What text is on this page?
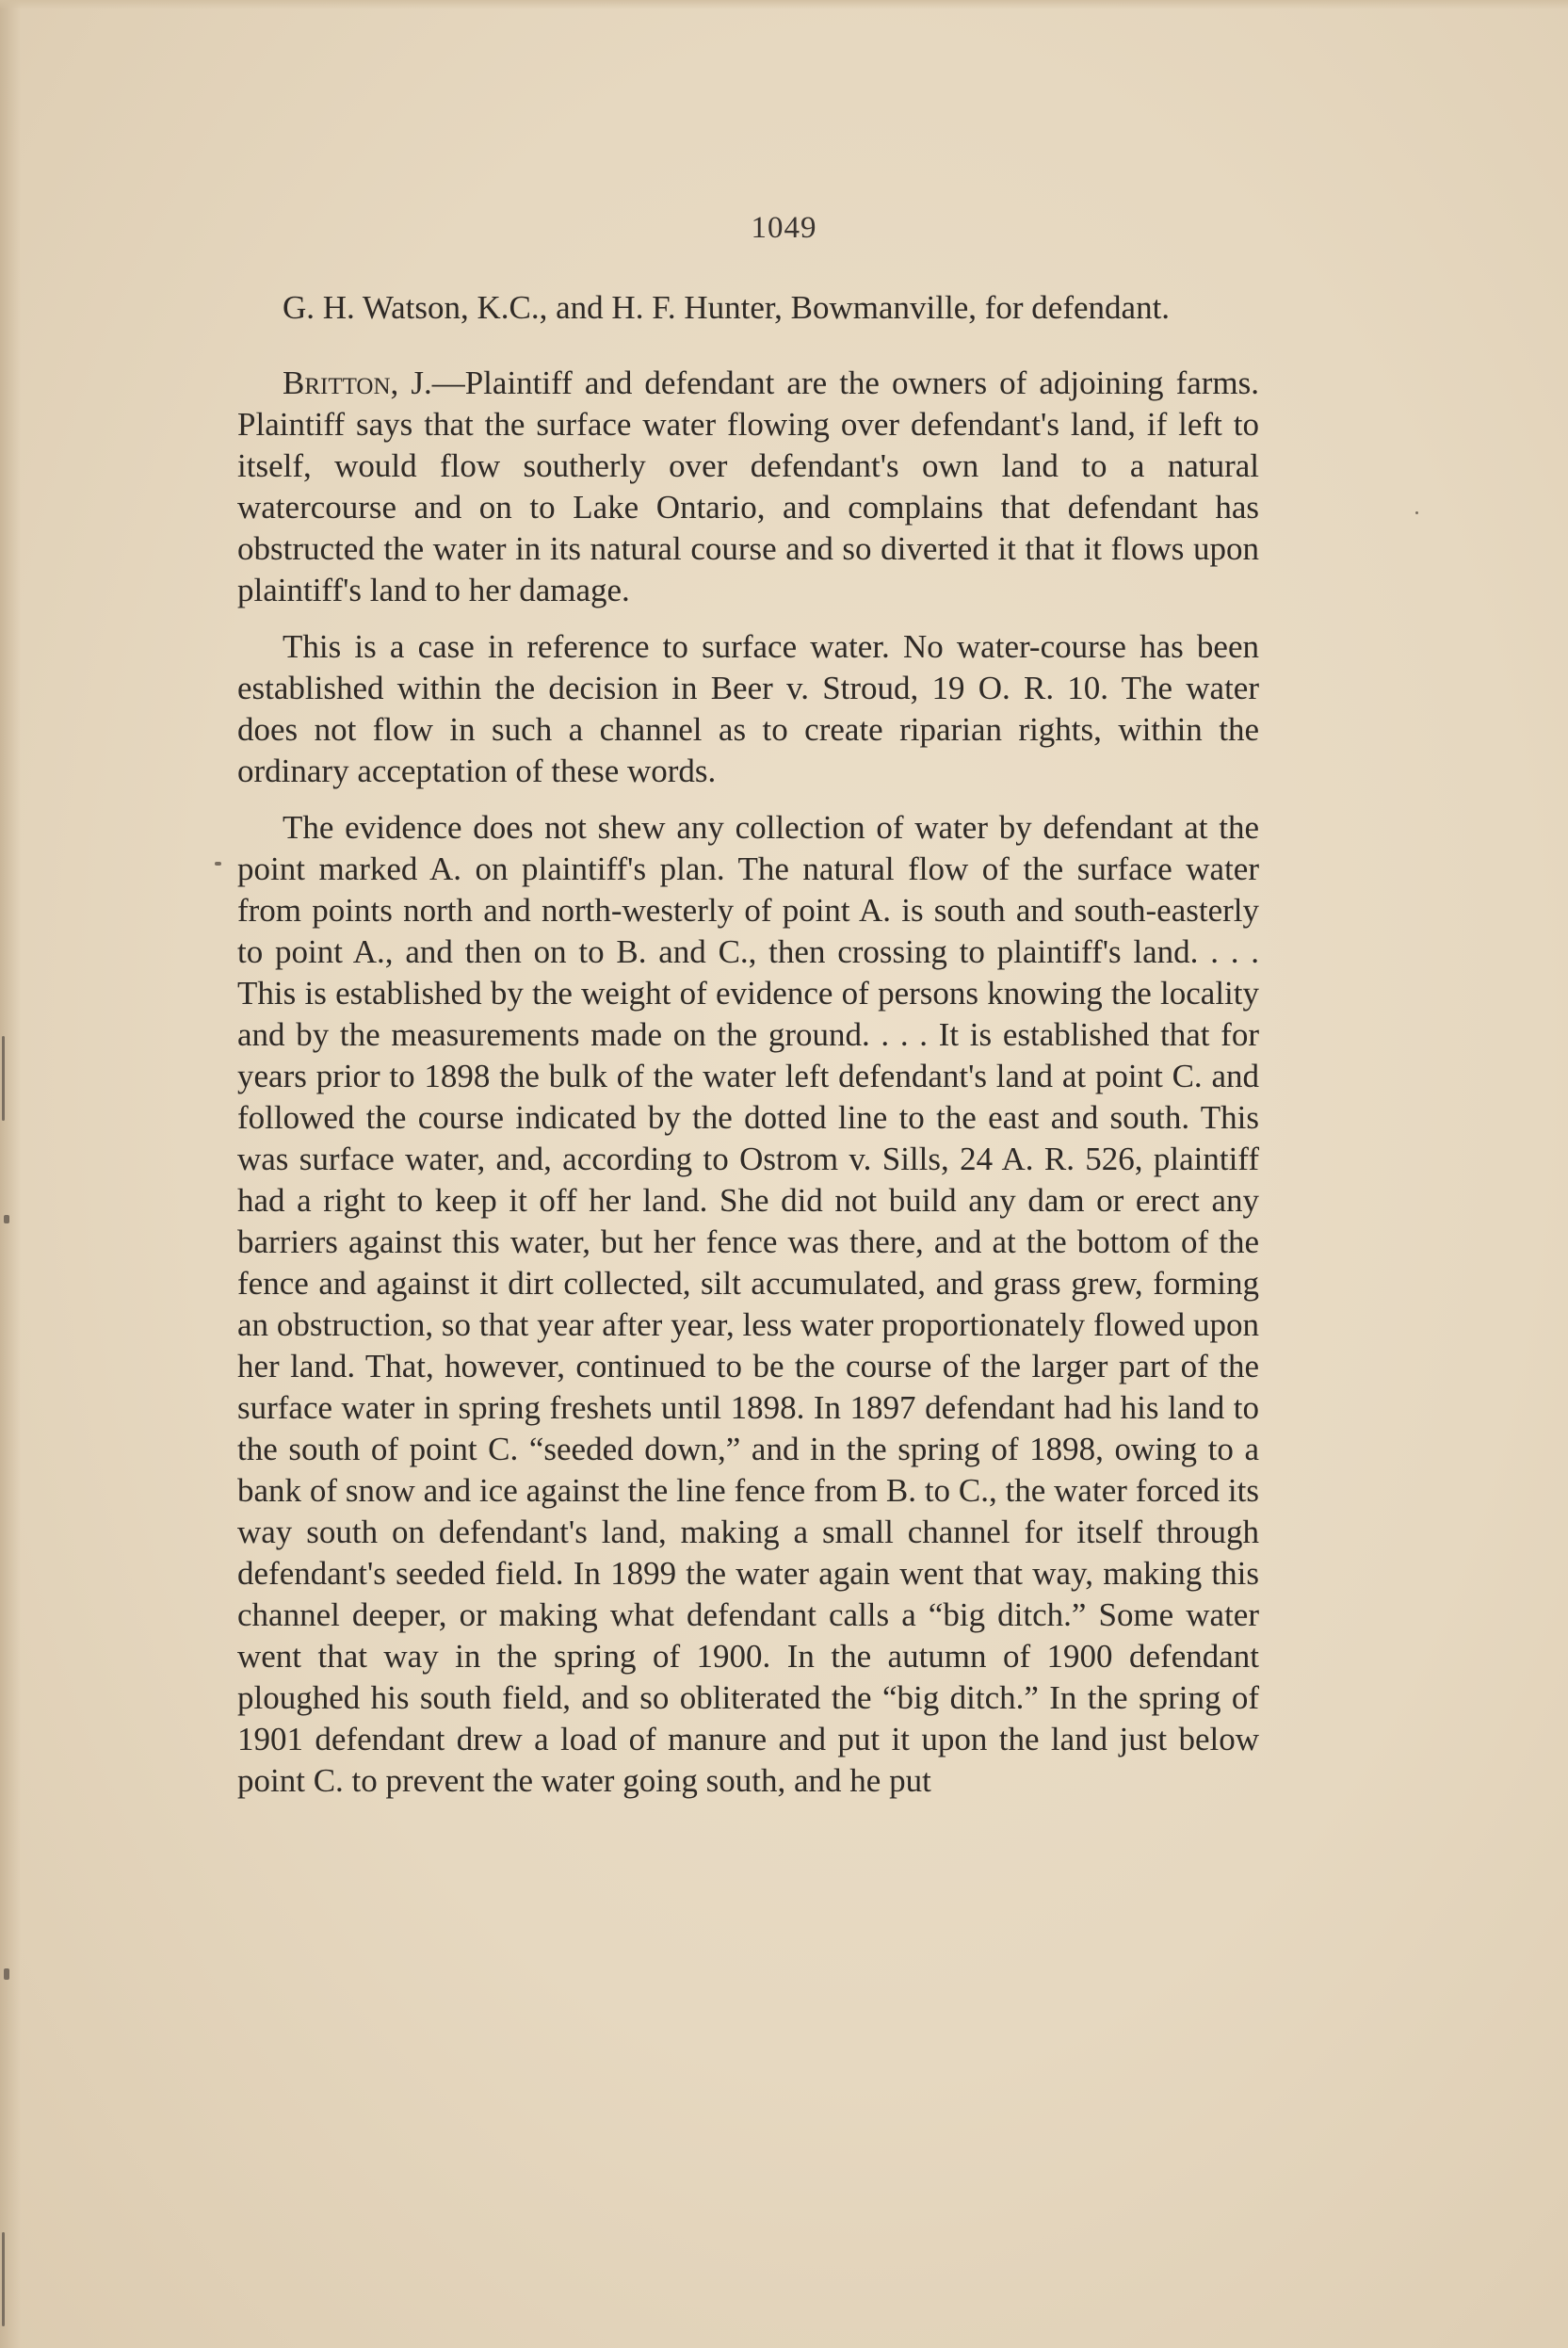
1049

G. H. Watson, K.C., and H. F. Hunter, Bowmanville, for defendant.

Britton, J.—Plaintiff and defendant are the owners of adjoining farms. Plaintiff says that the surface water flowing over defendant's land, if left to itself, would flow southerly over defendant's own land to a natural watercourse and on to Lake Ontario, and complains that defendant has obstructed the water in its natural course and so diverted it that it flows upon plaintiff's land to her damage.

This is a case in reference to surface water. No water-course has been established within the decision in Beer v. Stroud, 19 O. R. 10. The water does not flow in such a channel as to create riparian rights, within the ordinary acceptation of these words.

The evidence does not shew any collection of water by defendant at the point marked A. on plaintiff's plan. The natural flow of the surface water from points north and north-westerly of point A. is south and south-easterly to point A., and then on to B. and C., then crossing to plaintiff's land. . . . This is established by the weight of evidence of persons knowing the locality and by the measurements made on the ground. . . . It is established that for years prior to 1898 the bulk of the water left defendant's land at point C. and followed the course indicated by the dotted line to the east and south. This was surface water, and, according to Ostrom v. Sills, 24 A. R. 526, plaintiff had a right to keep it off her land. She did not build any dam or erect any barriers against this water, but her fence was there, and at the bottom of the fence and against it dirt collected, silt accumulated, and grass grew, forming an obstruction, so that year after year, less water proportionately flowed upon her land. That, however, continued to be the course of the larger part of the surface water in spring freshets until 1898. In 1897 defendant had his land to the south of point C. “seeded down,” and in the spring of 1898, owing to a bank of snow and ice against the line fence from B. to C., the water forced its way south on defendant's land, making a small channel for itself through defendant's seeded field. In 1899 the water again went that way, making this channel deeper, or making what defendant calls a “big ditch.” Some water went that way in the spring of 1900. In the autumn of 1900 defendant ploughed his south field, and so obliterated the “big ditch.” In the spring of 1901 defendant drew a load of manure and put it upon the land just below point C. to prevent the water going south, and he put
